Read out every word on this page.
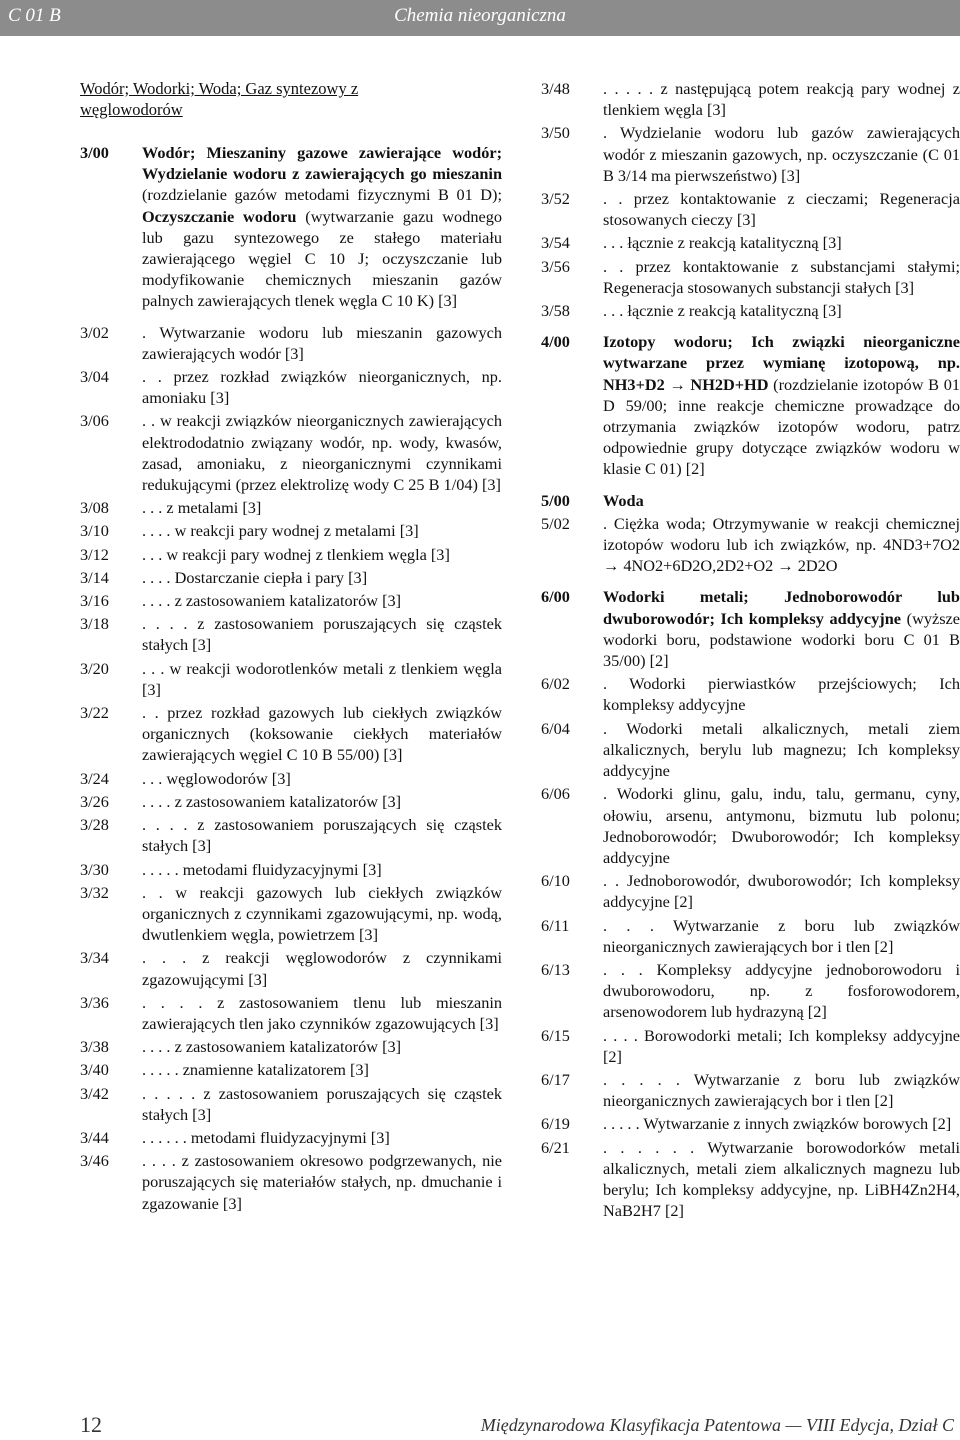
C 01 B	Chemia nieorganiczna
Wodór; Wodorki; Woda; Gaz syntezowy z węglowodorów
3/00 Wodór; Mieszaniny gazowe zawierające wodór; Wydzielanie wodoru z zawierających go mieszanin (rozdzielanie gazów metodami fizycznymi B 01 D); Oczyszczanie wodoru (wytwarzanie gazu wodnego lub gazu syntezowego ze stałego materiału zawierającego węgiel C 10 J; oczyszczanie lub modyfikowanie chemicznych mieszanin gazów palnych zawierających tlenek węgla C 10 K) [3]
3/02 . Wytwarzanie wodoru lub mieszanin gazowych zawierających wodór [3]
3/04 . . przez rozkład związków nieorganicznych, np. amoniaku [3]
3/06 . . w reakcji związków nieorganicznych zawierających elektrododatnio związany wodór, np. wody, kwasów, zasad, amoniaku, z nieorganicznymi czynnikami redukującymi (przez elektrolizę wody C 25 B 1/04) [3]
3/08 . . . z metalami [3]
3/10 . . . . w reakcji pary wodnej z metalami [3]
3/12 . . . w reakcji pary wodnej z tlenkiem węgla [3]
3/14 . . . . Dostarczanie ciepła i pary [3]
3/16 . . . . z zastosowaniem katalizatorów [3]
3/18 . . . . z zastosowaniem poruszających się cząstek stałych [3]
3/20 . . . w reakcji wodorotlenków metali z tlenkiem węgla [3]
3/22 . . przez rozkład gazowych lub ciekłych związków organicznych (koksowanie ciekłych materiałów zawierających węgiel C 10 B 55/00) [3]
3/24 . . . węglowodorów [3]
3/26 . . . . z zastosowaniem katalizatorów [3]
3/28 . . . . z zastosowaniem poruszających się cząstek stałych [3]
3/30 . . . . . metodami fluidyzacyjnymi [3]
3/32 . . w reakcji gazowych lub ciekłych związków organicznych z czynnikami zgazowującymi, np. wodą, dwutlenkiem węgla, powietrzem [3]
3/34 . . . z reakcji węglowodorów z czynnikami zgazowującymi [3]
3/36 . . . . z zastosowaniem tlenu lub mieszanin zawierających tlen jako czynników zgazowujących [3]
3/38 . . . . z zastosowaniem katalizatorów [3]
3/40 . . . . . znamienne katalizatorem [3]
3/42 . . . . . z zastosowaniem poruszających się cząstek stałych [3]
3/44 . . . . . . metodami fluidyzacyjnymi [3]
3/46 . . . . z zastosowaniem okresowo podgrzewanych, nie poruszających się materiałów stałych, np. dmuchanie i zgazowanie [3]
3/48 . . . . . z następującą potem reakcją pary wodnej z tlenkiem węgla [3]
3/50 . Wydzielanie wodoru lub gazów zawierających wodór z mieszanin gazowych, np. oczyszczanie (C 01 B 3/14 ma pierwszeństwo) [3]
3/52 . . przez kontaktowanie z cieczami; Regeneracja stosowanych cieczy [3]
3/54 . . . łącznie z reakcją katalityczną [3]
3/56 . . przez kontaktowanie z substancjami stałymi; Regeneracja stosowanych substancji stałych [3]
3/58 . . . łącznie z reakcją katalityczną [3]
4/00 Izotopy wodoru; Ich związki nieorganiczne wytwarzane przez wymianę izotopową, np. NH3+D2 → NH2D+HD (rozdzielanie izotopów B 01 D 59/00; inne reakcje chemiczne prowadzące do otrzymania związków izotopów wodoru, patrz odpowiednie grupy dotyczące związków wodoru w klasie C 01) [2]
5/00 Woda
5/02 . Ciężka woda; Otrzymywanie w reakcji chemicznej izotopów wodoru lub ich związków, np. 4ND3+7O2 → 4NO2+6D2O,2D2+O2 → 2D2O
6/00 Wodorki metali; Jednoborowodór lub dwuborowodór; Ich kompleksy addycyjne (wyższe wodorki boru, podstawione wodorki boru C 01 B 35/00) [2]
6/02 . Wodorki pierwiastków przejściowych; Ich kompleksy addycyjne
6/04 . Wodorki metali alkalicznych, metali ziem alkalicznych, berylu lub magnezu; Ich kompleksy addycyjne
6/06 . Wodorki glinu, galu, indu, talu, germanu, cyny, ołowiu, arsenu, antymonu, bizmutu lub polonu; Jednoborowodór; Dwuborowodór; Ich kompleksy addycyjne
6/10 . . Jednoborowodór, dwuborowodór; Ich kompleksy addycyjne [2]
6/11 . . . Wytwarzanie z boru lub związków nieorganicznych zawierających bor i tlen [2]
6/13 . . . Kompleksy addycyjne jednoborowodoru i dwuborowodoru, np. z fosforowodorem, arsenowodorem lub hydrazyną [2]
6/15 . . . . Borowodorki metali; Ich kompleksy addycyjne [2]
6/17 . . . . . Wytwarzanie z boru lub związków nieorganicznych zawierających bor i tlen [2]
6/19 . . . . . Wytwarzanie z innych związków borowych [2]
6/21 . . . . . . Wytwarzanie borowodorków metali alkalicznych, metali ziem alkalicznych magnezu lub berylu; Ich kompleksy addycyjne, np. LiBH4Zn2H4, NaB2H7 [2]
12	Międzynarodowa Klasyfikacja Patentowa — VIII Edycja, Dział C
